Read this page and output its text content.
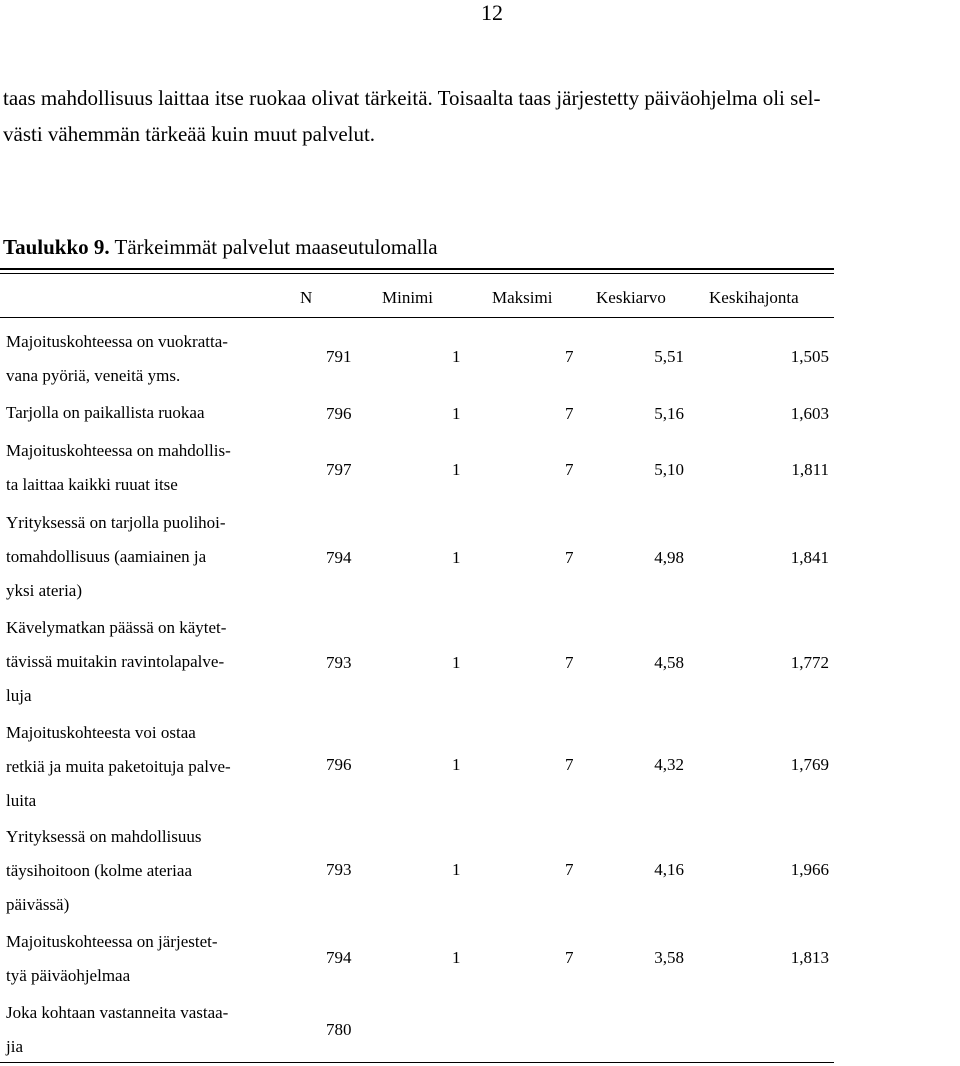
12
taas mahdollisuus laittaa itse ruokaa olivat tärkeitä. Toisaalta taas järjestetty päiväohjelma oli sel-
västi vähemmän tärkeää kuin muut palvelut.
Taulukko 9. Tärkeimmät palvelut maaseutulomalla
N	Minimi	Maksimi	Keskiarvo	Keskihajonta
Majoituskohteessa on vuokratta-
vana pyöriä, veneitä yms.
791	1	7	5,51	1,505
Tarjolla on paikallista ruokaa	796	1	7	5,16	1,603
Majoituskohteessa on mahdollis-
ta laittaa kaikki ruuat itse
797	1	7	5,10	1,811
Yrityksessä on tarjolla puolihoi-
tomahdollisuus (aamiainen ja
yksi ateria)
794	1	7	4,98	1,841
Kävelymatkan päässä on käytet-
tävissä muitakin ravintolapalve-
luja
793	1	7	4,58	1,772
Majoituskohteesta voi ostaa
retkiä ja muita paketoituja palve-
luita
796	1	7	4,32	1,769
Yrityksessä on mahdollisuus
täysihoitoon (kolme ateriaa
päivässä)
793	1	7	4,16	1,966
Majoituskohteessa on järjestet-
tyä päiväohjelmaa
794	1	7	3,58	1,813
Joka kohtaan vastanneita vastaa-
jia
780
